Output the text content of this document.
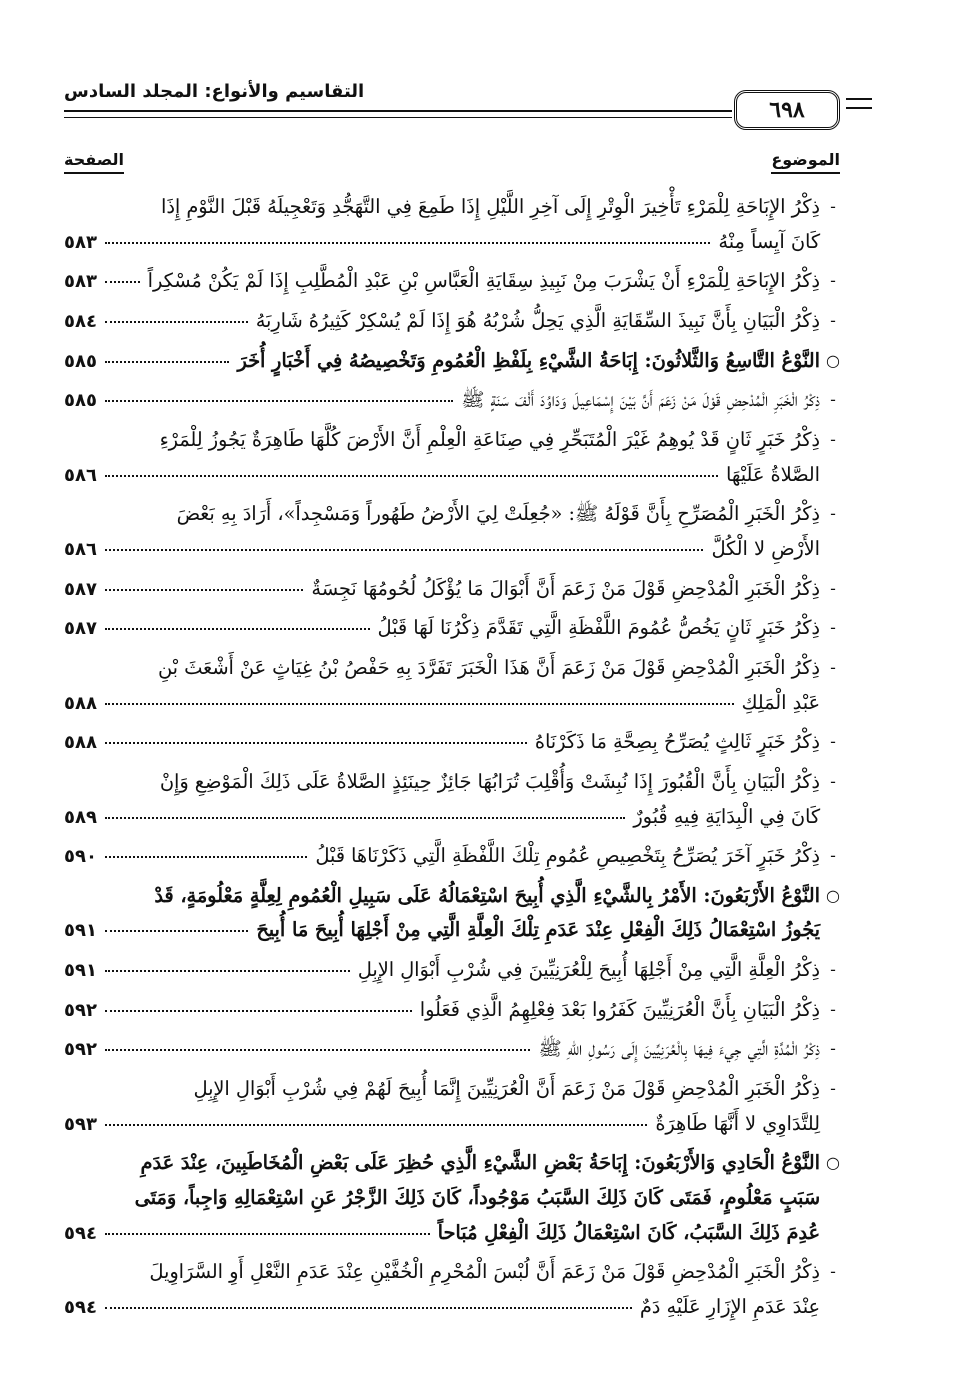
٦٩٨
التقاسيم والأنواع: المجلد السادس
الموضوع
الصفحة
-
ذِكْرُ الإِبَاحَةِ لِلْمَرْءِ تَأْخِيرَ الْوِتْرِ إِلَى آخِرِ اللَّيْلِ إِذَا طَمِعَ فِي التَّهَجُّدِ وَتَعْجِيلَهُ قَبْلَ النَّوْمِ إِذَا
كَانَ آيِساً مِنْهُ
٥٨٣
-
ذِكْرُ الإِبَاحَةِ لِلْمَرْءِ أَنْ يَشْرَبَ مِنْ نَبِيذِ سِقَايَةِ الْعَبَّاسِ بْنِ عَبْدِ الْمُطَّلِبِ إِذَا لَمْ يَكُنْ مُسْكِراً
٥٨٣
-
ذِكْرُ الْبَيَانِ بِأَنَّ نَبِيذَ السِّقَايَةِ الَّذِي يَحِلُّ شُرْبُهُ هُوَ إِذَا لَمْ يُسْكِرْ كَثِيرُهُ شَارِبَهُ
٥٨٤
○
النَّوْعُ التَّاسِعُ وَالثَّلاثُونَ: إِبَاحَةُ الشَّيْءِ بِلَفْظِ الْعُمُومِ وَتَخْصِيصُهُ فِي أَخْبَارٍ أُخَرَ
٥٨٥
-
ذِكْرُ الْخَبَرِ الْمُدْحِضِ قَوْلَ مَنْ زَعَمَ أَنَّ بَيْنَ إِسْمَاعِيلَ وَدَاوُدَ أَلْفَ سَنَةٍ ﷺ
٥٨٥
-
ذِكْرُ خَبَرٍ ثَانٍ قَدْ يُوهِمُ غَيْرَ الْمُتَبَحِّرِ فِي صِنَاعَةِ الْعِلْمِ أَنَّ الأَرْضَ كُلَّهَا طَاهِرَةٌ يَجُوزُ لِلْمَرْءِ
الصَّلاةُ عَلَيْهَا
٥٨٦
-
ذِكْرُ الْخَبَرِ الْمُصَرِّحِ بِأَنَّ قَوْلَهُ ﷺ: «جُعِلَتْ لِيَ الأَرْضُ طَهُوراً وَمَسْجِداً»، أَرَادَ بِهِ بَعْضَ
الأَرْضِ لا الْكُلَّ
٥٨٦
-
ذِكْرُ الْخَبَرِ الْمُدْحِضِ قَوْلَ مَنْ زَعَمَ أَنَّ أَبْوَالَ مَا يُؤْكَلُ لُحُومُهَا نَجِسَةٌ
٥٨٧
-
ذِكْرُ خَبَرٍ ثَانٍ يَخُصُّ عُمُومَ اللَّفْظَةِ الَّتِي تَقَدَّمَ ذِكْرُنَا لَهَا قَبْلُ
٥٨٧
-
ذِكْرُ الْخَبَرِ الْمُدْحِضِ قَوْلَ مَنْ زَعَمَ أَنَّ هَذَا الْخَبَرَ تَفَرَّدَ بِهِ حَفْصُ بْنُ غِيَاثٍ عَنْ أَشْعَثَ بْنِ
عَبْدِ الْمَلِكِ
٥٨٨
-
ذِكْرُ خَبَرٍ ثَالِثٍ يُصَرِّحُ بِصِحَّةِ مَا ذَكَرْنَاهُ
٥٨٨
-
ذِكْرُ الْبَيَانِ بِأَنَّ الْقُبُورَ إِذَا نُبِشَتْ وَأُقْلِبَ تُرَابُهَا جَائِزٌ حِينَئِذٍ الصَّلاةُ عَلَى ذَلِكَ الْمَوْضِعِ وَإِنْ
كَانَ فِي الْبِدَايَةِ فِيهِ قُبُورٌ
٥٨٩
-
ذِكْرُ خَبَرٍ آخَرَ يُصَرِّحُ بِتَخْصِيصِ عُمُومِ تِلْكَ اللَّفْظَةِ الَّتِي ذَكَرْنَاهَا قَبْلُ
٥٩٠
○
النَّوْعُ الأَرْبَعُونَ: الأَمْرُ بِالشَّيْءِ الَّذِي أُبِيحَ اسْتِعْمَالُهُ عَلَى سَبِيلِ الْعُمُومِ لِعِلَّةٍ مَعْلُومَةٍ، قَدْ
يَجُوزُ اسْتِعْمَالُ ذَلِكَ الْفِعْلِ عِنْدَ عَدَمِ تِلْكَ الْعِلَّةِ الَّتِي مِنْ أَجْلِهَا أُبِيحَ مَا أُبِيحَ
٥٩١
-
ذِكْرُ الْعِلَّةِ الَّتِي مِنْ أَجْلِهَا أُبِيحَ لِلْعُرَنِيِّينَ فِي شُرْبِ أَبْوَالِ الإِبِلِ
٥٩١
-
ذِكْرُ الْبَيَانِ بِأَنَّ الْعُرَنِيِّينَ كَفَرُوا بَعْدَ فِعْلِهِمُ الَّذِي فَعَلُوا
٥٩٢
-
ذِكْرُ الْمُدَّةِ الَّتِي جِيءَ فِيهَا بِالْعُرَنِيِّينَ إِلَى رَسُولِ اللهِ ﷺ
٥٩٢
-
ذِكْرُ الْخَبَرِ الْمُدْحِضِ قَوْلَ مَنْ زَعَمَ أَنَّ الْعُرَنِيِّينَ إِنَّمَا أُبِيحَ لَهُمْ فِي شُرْبِ أَبْوَالِ الإِبِلِ
لِلتَّدَاوِي لا أَنَّهَا طَاهِرَةٌ
٥٩٣
○
النَّوْعُ الْحَادِي وَالأَرْبَعُونَ: إِبَاحَةُ بَعْضِ الشَّيْءِ الَّذِي حُظِرَ عَلَى بَعْضِ الْمُخَاطَبِينَ، عِنْدَ عَدَمِ
سَبَبٍ مَعْلُومٍ، فَمَتَى كَانَ ذَلِكَ السَّبَبُ مَوْجُوداً، كَانَ ذَلِكَ الزَّجْرُ عَنِ اسْتِعْمَالِهِ وَاجِباً، وَمَتَى
عُدِمَ ذَلِكَ السَّبَبُ، كَانَ اسْتِعْمَالُ ذَلِكَ الْفِعْلِ مُبَاحاً
٥٩٤
-
ذِكْرُ الْخَبَرِ الْمُدْحِضِ قَوْلَ مَنْ زَعَمَ أَنَّ لُبْسَ الْمُحْرِمِ الْخُفَّيْنِ عِنْدَ عَدَمِ النَّعْلِ أَوِ السَّرَاوِيلَ
عِنْدَ عَدَمِ الإِزَارِ عَلَيْهِ دَمٌ
٥٩٤
